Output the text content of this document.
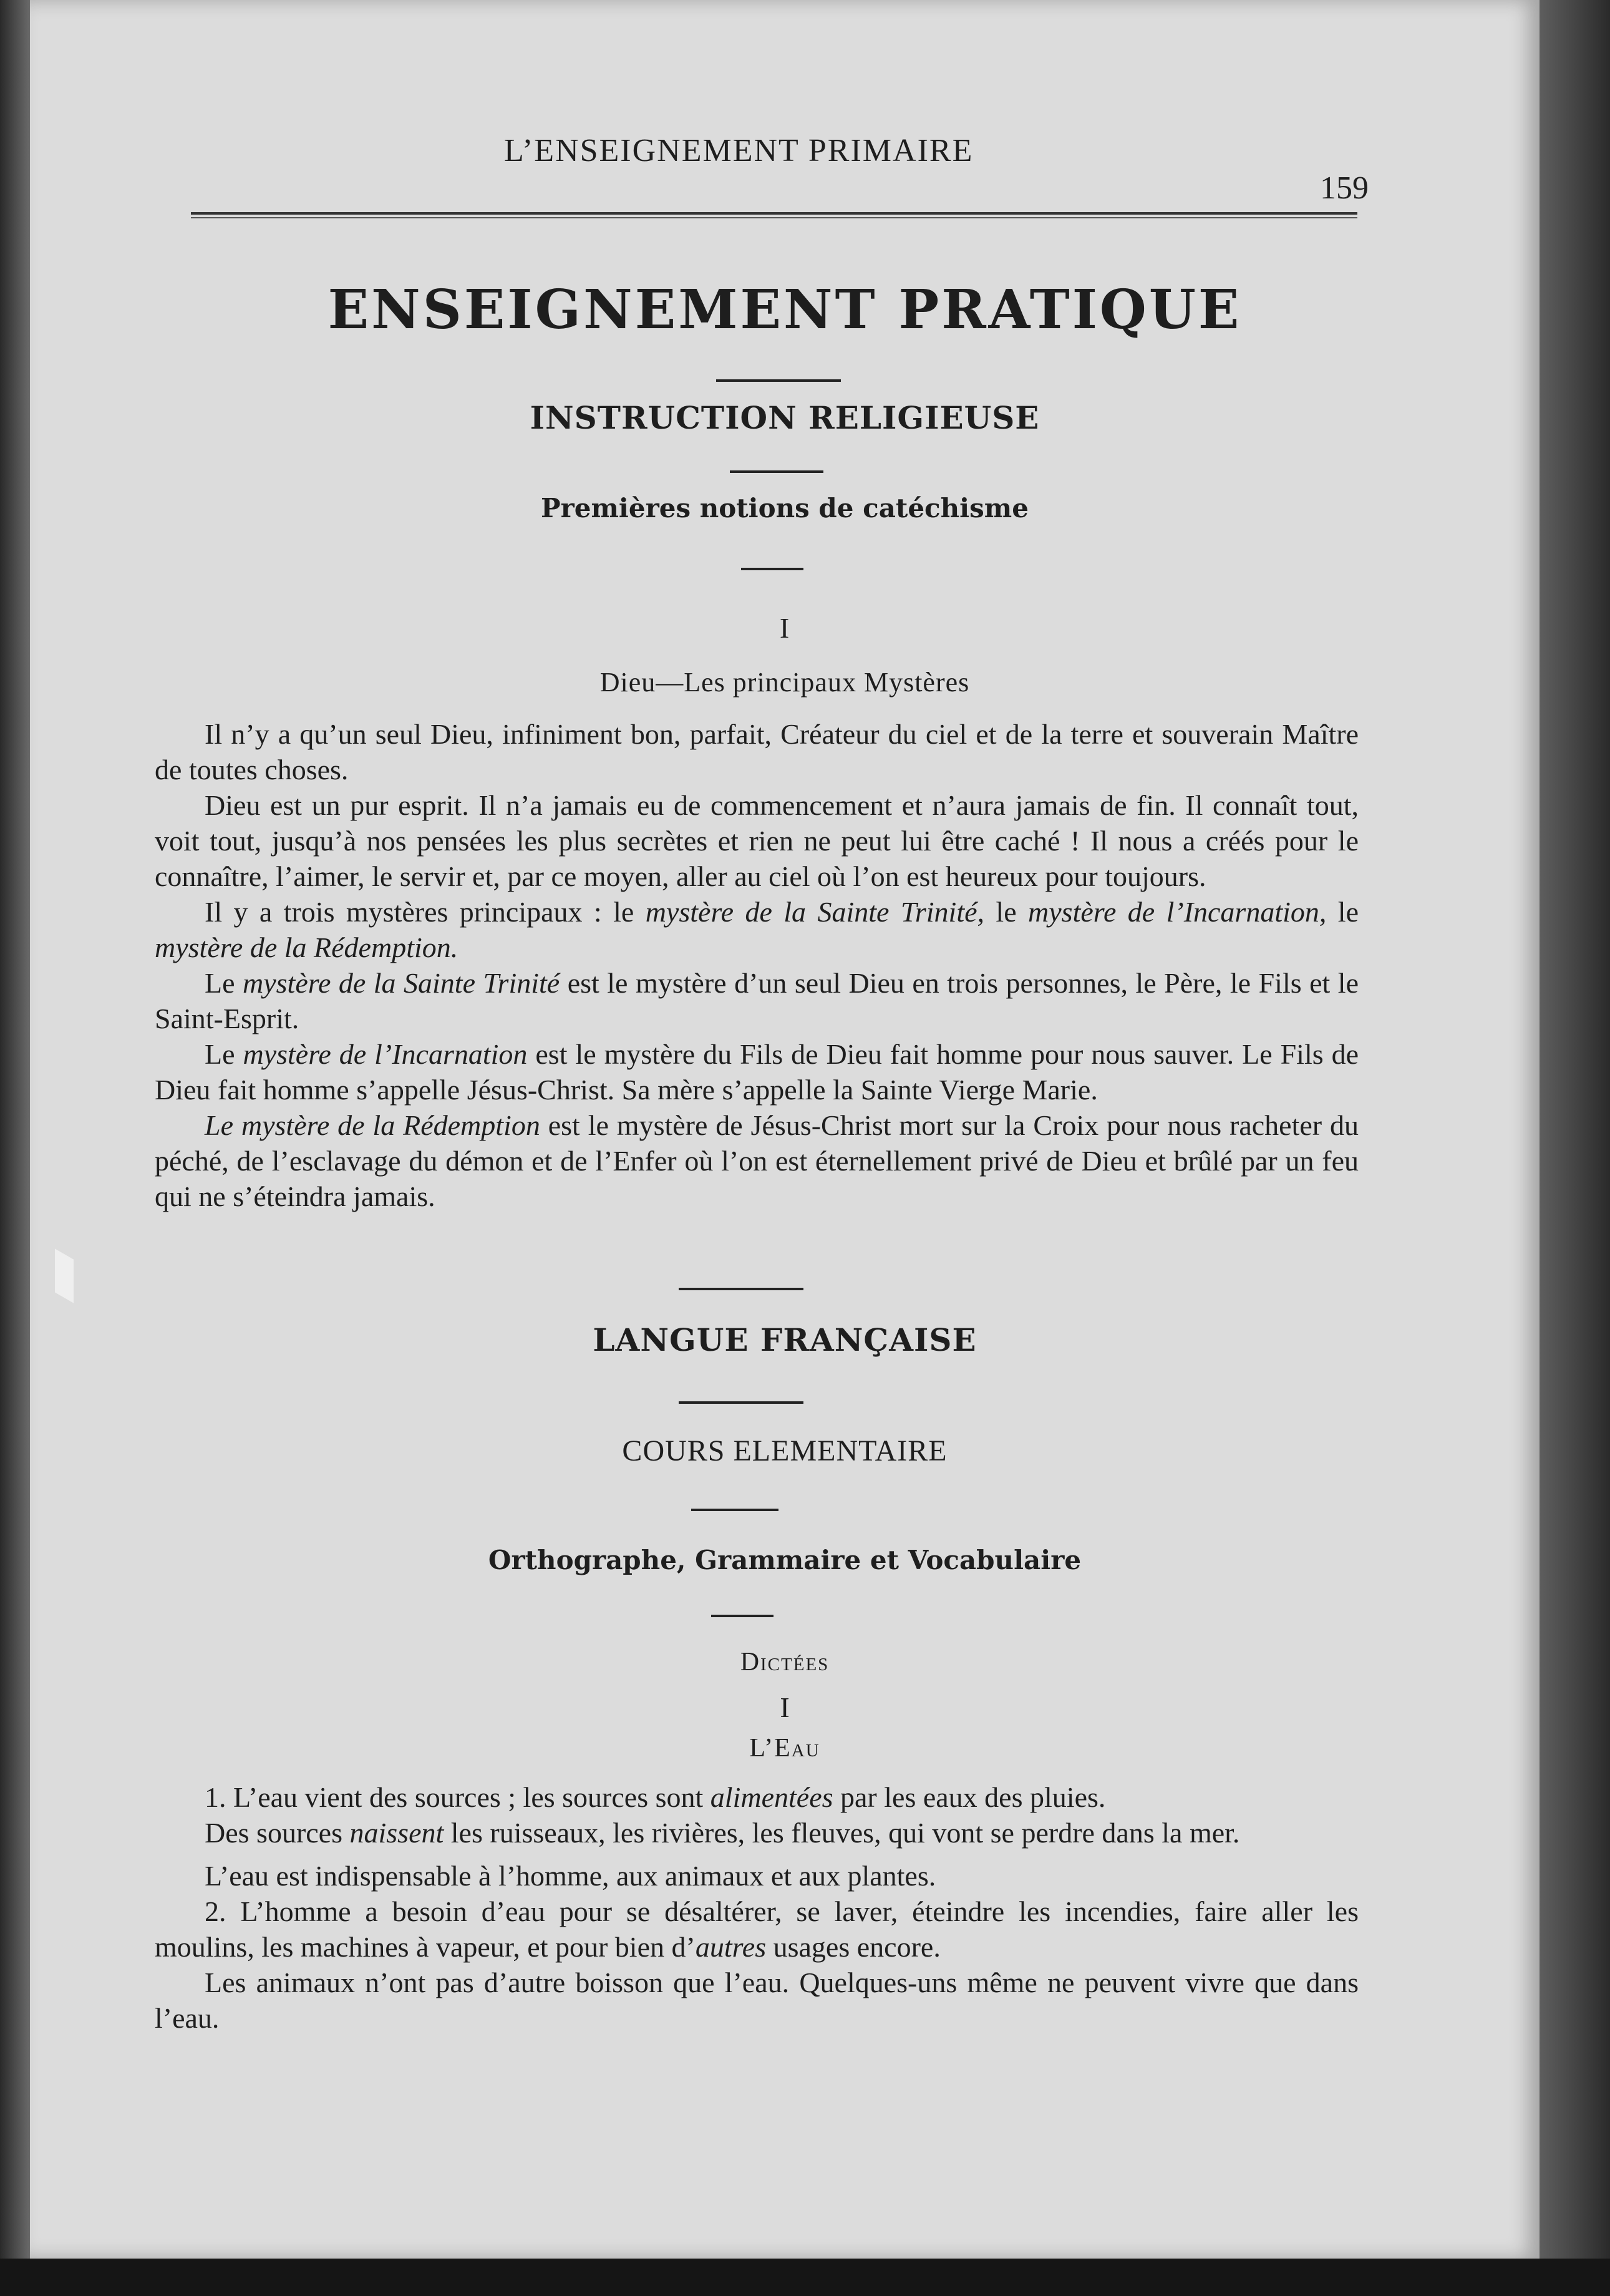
L’ENSEIGNEMENT PRIMAIRE
159
ENSEIGNEMENT PRATIQUE
INSTRUCTION RELIGIEUSE
Premières notions de catéchisme
I
Dieu—Les principaux Mystères

Il n’y a qu’un seul Dieu, infiniment bon, parfait, Créateur du ciel et de la terre et souverain Maître de toutes choses.

Dieu est un pur esprit. Il n’a jamais eu de commencement et n’aura jamais de fin. Il connaît tout, voit tout, jusqu’à nos pensées les plus secrètes et rien ne peut lui être caché ! Il nous a créés pour le connaître, l’aimer, le servir et, par ce moyen, aller au ciel où l’on est heureux pour toujours.

Il y a trois mystères principaux : le mystère de la Sainte Trinité, le mystère de l’Incarnation, le mystère de la Rédemption.

Le mystère de la Sainte Trinité est le mystère d’un seul Dieu en trois personnes, le Père, le Fils et le Saint-Esprit.

Le mystère de l’Incarnation est le mystère du Fils de Dieu fait homme pour nous sauver. Le Fils de Dieu fait homme s’appelle Jésus-Christ. Sa mère s’appelle la Sainte Vierge Marie.

Le mystère de la Rédemption est le mystère de Jésus-Christ mort sur la Croix pour nous racheter du péché, de l’esclavage du démon et de l’Enfer où l’on est éternellement privé de Dieu et brûlé par un feu qui ne s’éteindra jamais.

LANGUE FRANÇAISE
COURS ELEMENTAIRE
Orthographe, Grammaire et Vocabulaire
Dictées
I
L’Eau

1. L’eau vient des sources ; les sources sont alimentées par les eaux des pluies.

Des sources naissent les ruisseaux, les rivières, les fleuves, qui vont se perdre dans la mer.

L’eau est indispensable à l’homme, aux animaux et aux plantes.

2. L’homme a besoin d’eau pour se désaltérer, se laver, éteindre les incendies, faire aller les moulins, les machines à vapeur, et pour bien d’autres usages encore.

Les animaux n’ont pas d’autre boisson que l’eau. Quelques-uns même ne peuvent vivre que dans l’eau.
